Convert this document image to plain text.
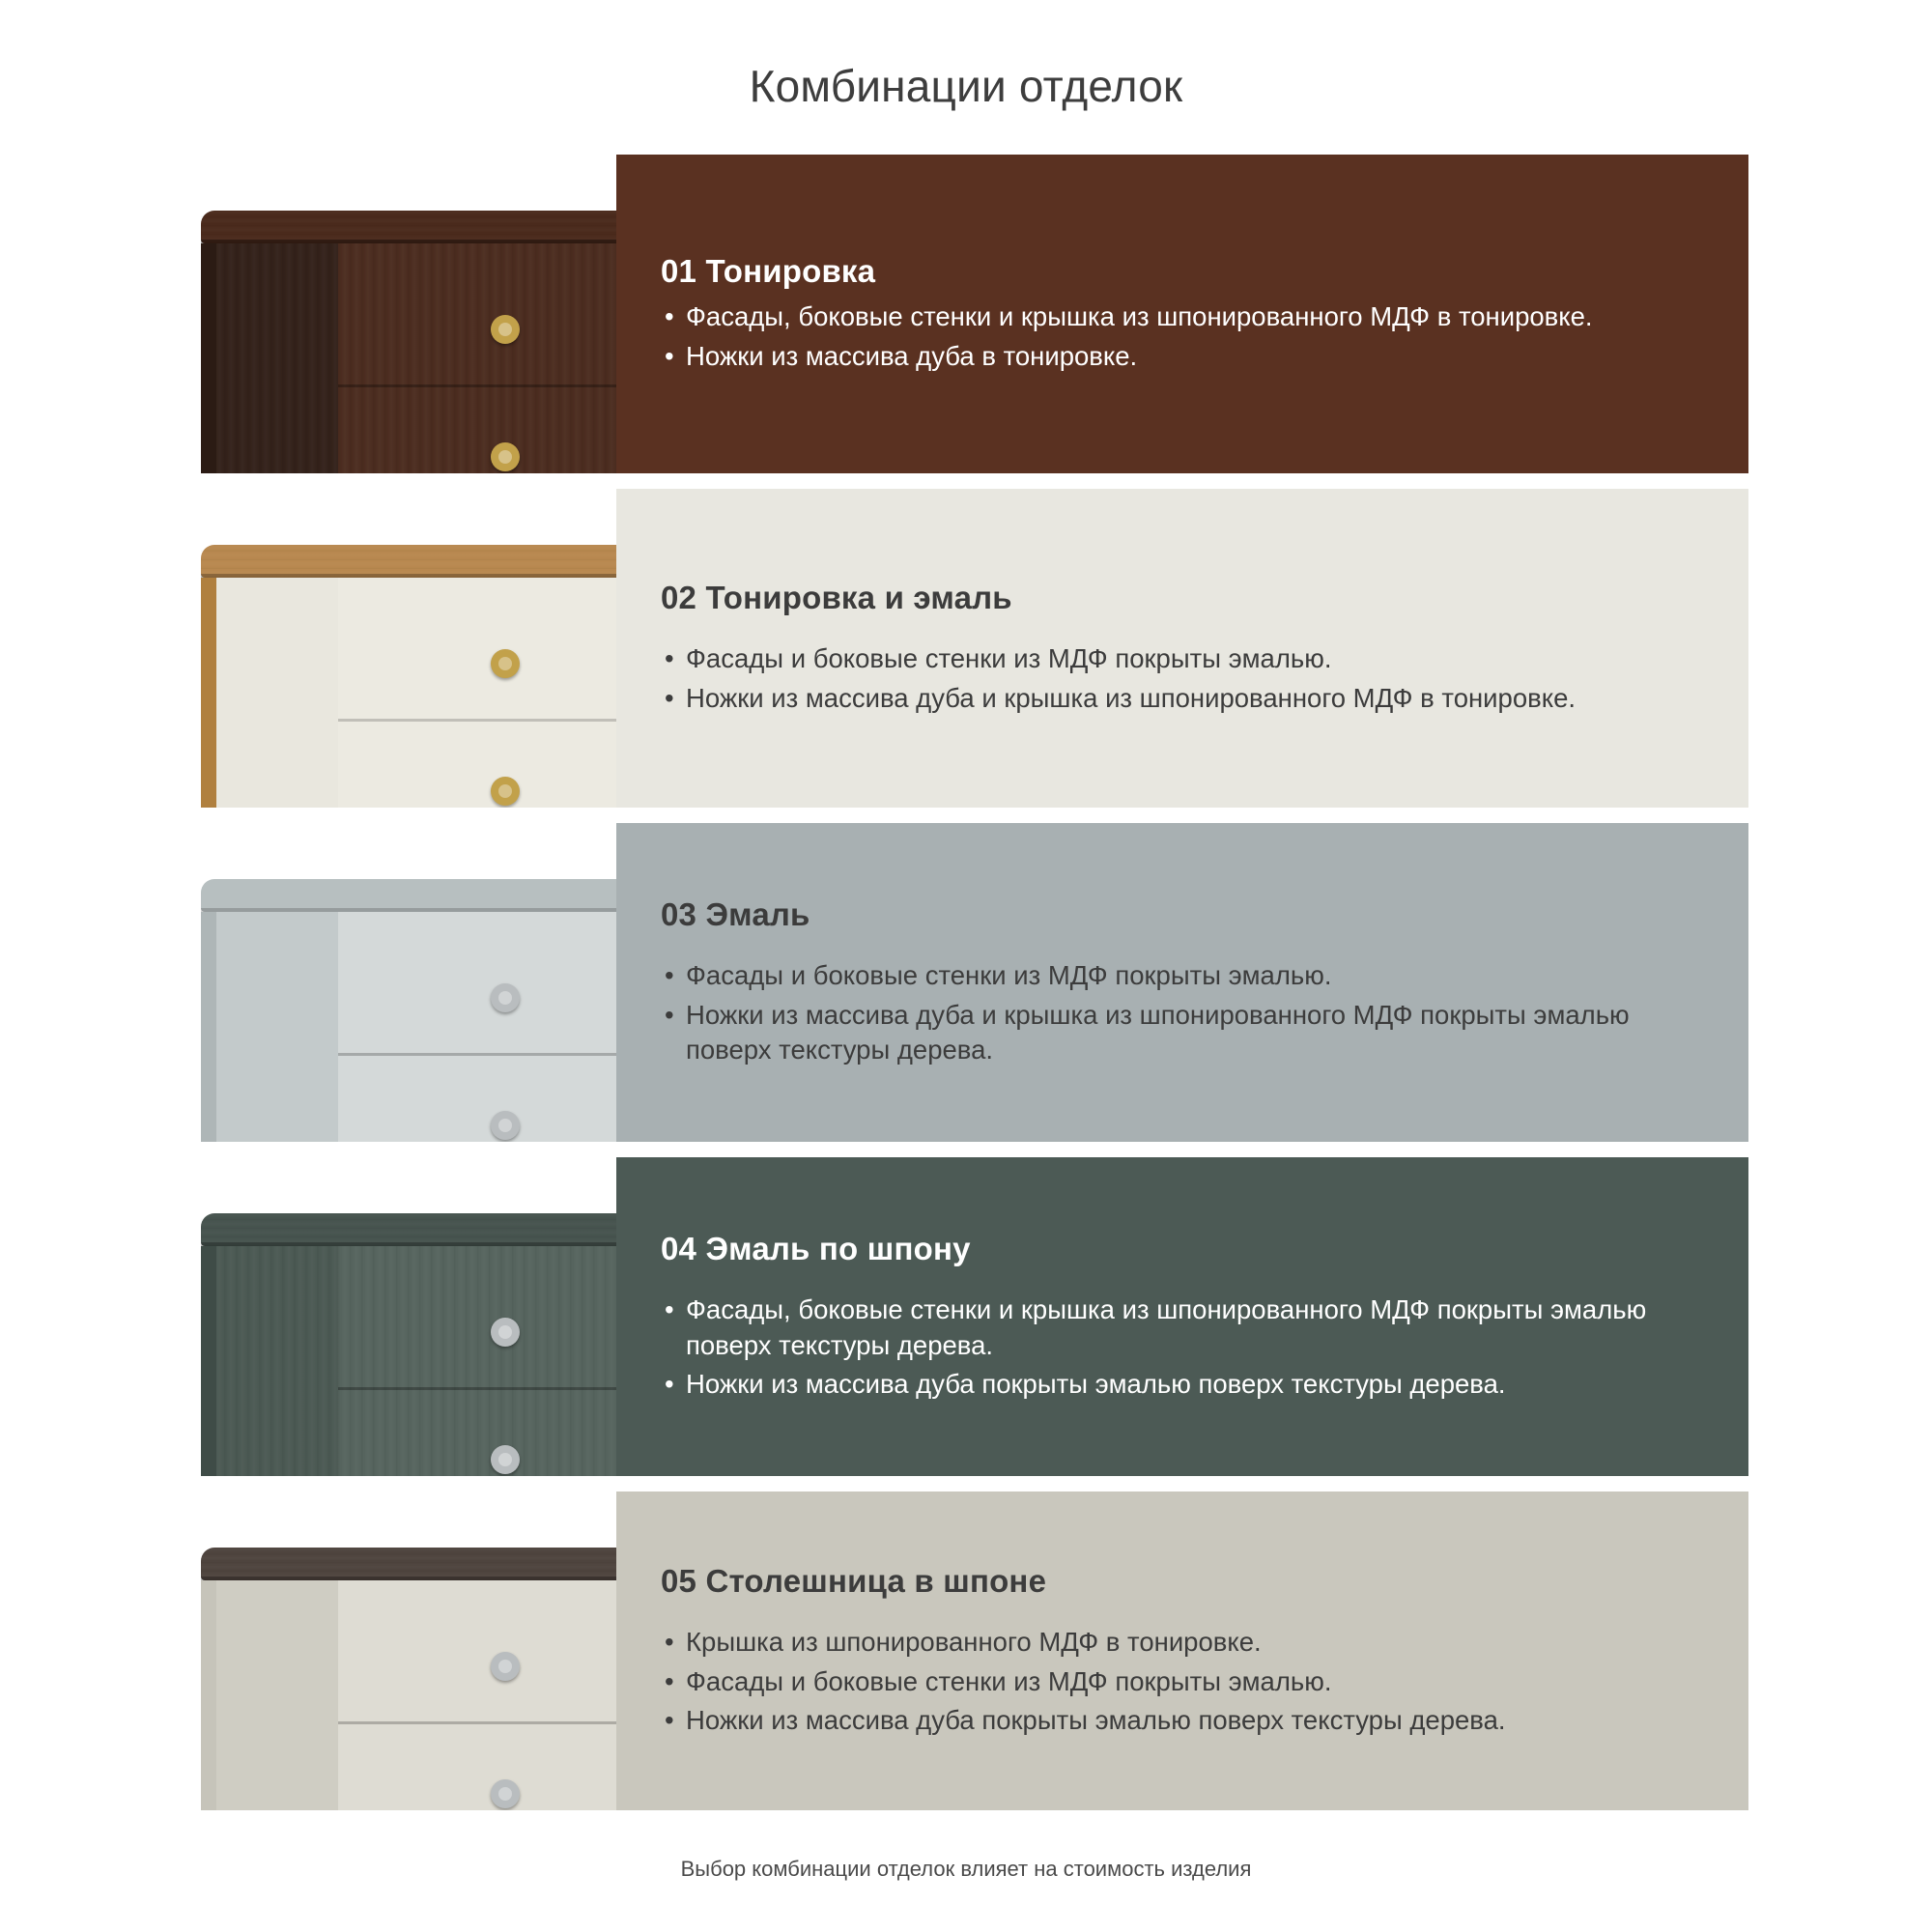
Комбинации отделок
01 Тонировка
• Фасады, боковые стенки и крышка из шпонированного МДФ в тонировке.
• Ножки из массива дуба в тонировке.
02 Тонировка и эмаль
• Фасады и боковые стенки из МДФ покрыты эмалью.
• Ножки из массива дуба и крышка из шпонированного МДФ в тонировке.
03 Эмаль
• Фасады и боковые стенки из МДФ покрыты эмалью.
• Ножки из массива дуба и крышка из шпонированного МДФ покрыты эмалью поверх текстуры дерева.
04 Эмаль по шпону
• Фасады, боковые стенки и крышка из шпонированного МДФ покрыты эмалью поверх текстуры дерева.
• Ножки из массива дуба покрыты эмалью поверх текстуры дерева.
05 Столешница в шпоне
• Крышка из шпонированного МДФ в тонировке.
• Фасады и боковые стенки из МДФ покрыты эмалью.
• Ножки из массива дуба покрыты эмалью поверх текстуры дерева.
Выбор комбинации отделок влияет на стоимость изделия
